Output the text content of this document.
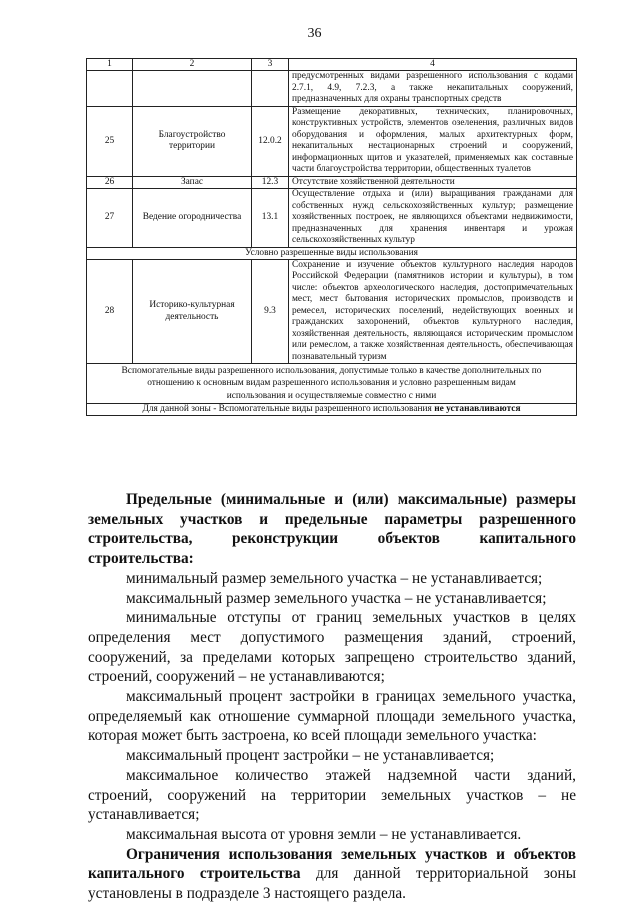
36
1	2	3	4
			предусмотренных видами разрешенного использования с кодами 2.7.1, 4.9, 7.2.3, а также некапитальных сооружений, предназначенных для охраны транспортных средств
25	Благоустройство территории	12.0.2	Размещение декоративных, технических, планировочных, конструктивных устройств, элементов озеленения, различных видов оборудования и оформления, малых архитектурных форм, некапитальных нестационарных строений и сооружений, информационных щитов и указателей, применяемых как составные части благоустройства территории, общественных туалетов
26	Запас	12.3	Отсутствие хозяйственной деятельности
27	Ведение огородничества	13.1	Осуществление отдыха и (или) выращивания гражданами для собственных нужд сельскохозяйственных культур; размещение хозяйственных построек, не являющихся объектами недвижимости, предназначенных для хранения инвентаря и урожая сельскохозяйственных культур
Условно разрешенные виды использования			
28	Историко-культурная деятельность	9.3	Сохранение и изучение объектов культурного наследия народов Российской Федерации (памятников истории и культуры), в том числе: объектов археологического наследия, достопримечательных мест, мест бытования исторических промыслов, производств и ремесел, исторических поселений, недействующих военных и гражданских захоронений, объектов культурного наследия, хозяйственная деятельность, являющаяся историческим промыслом или ремеслом, а также хозяйственная деятельность, обеспечивающая познавательный туризм
Вспомогательные виды разрешенного использования, допустимые только в качестве дополнительных по отношению к основным видам разрешенного использования и условно разрешенным видам использования и осуществляемые совместно с ними			
Для данной зоны - Вспомогательные виды разрешенного использования не устанавливаются			

Предельные (минимальные и (или) максимальные) размеры земельных участков и предельные параметры разрешенного строительства, реконструкции объектов капитального строительства:

минимальный размер земельного участка – не устанавливается;

максимальный размер земельного участка – не устанавливается;

минимальные отступы от границ земельных участков в целях определения мест допустимого размещения зданий, строений, сооружений, за пределами которых запрещено строительство зданий, строений, сооружений – не устанавливаются;

максимальный процент застройки в границах земельного участка, определяемый как отношение суммарной площади земельного участка, которая может быть застроена, ко всей площади земельного участка:

максимальный процент застройки – не устанавливается;

максимальное количество этажей надземной части зданий, строений, сооружений на территории земельных участков – не устанавливается;

максимальная высота от уровня земли – не устанавливается.

Ограничения использования земельных участков и объектов капитального строительства для данной территориальной зоны установлены в подразделе 3 настоящего раздела.
